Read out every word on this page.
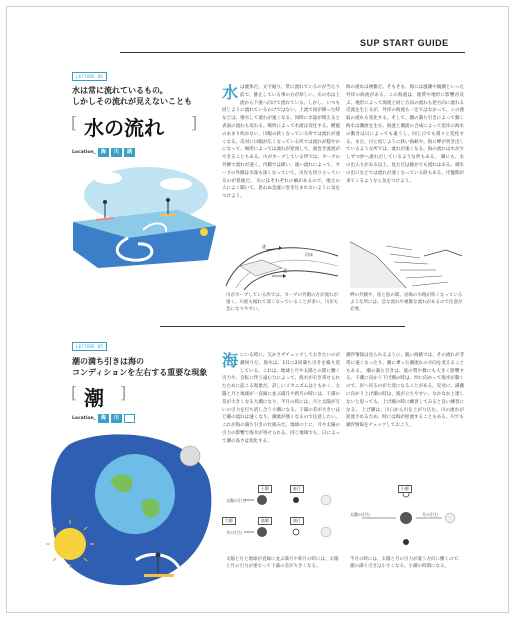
SUP START GUIDE
LECTURE 06
水は常に流れているもの。
しかしその流れが見えないことも
[ 水の流れ ]
Location_ 海	川	湖
水 は液体だ。文字通り、常に流れているのが当たり前で、静止している事の方が珍しい。川の水は上流から下流へ向けて流れている。しかし、いつも同じように流れているわけではない。上流で雨が降った時などは、増水して流れが速くなる。同時に水量が増えると表面の流れも変わる。場所によって水流は変化する。横風のあまり吹かない、川幅の狭くなっている所では流れが速くなる。反対に川幅が広くなっている所では流れが穏やかになって、場所によっては流れが逆流して、渦巻き流流ができることもある。川がカーブしている所では、カーブの外側で流れが速く、内側では緩い。速い流れによって、カーブの外側は水深も深くなっていて、川岸も切り立っているのが普通だ。 川にはそれぞれの癖があるので、地元の人によく聞いて、思わぬ急流に巻き込まれないように気をつけよう。
海の流れは複雑だ。そもそも、海には風潮や親潮といった外洋の海流がある。この海流は、地質や地形に影響が及ぶ。地形によって海流と同じ方向の流れも逆方向に流れる反流を生じるが、外洋の海流も一定ではなかって、この強弱の流れも変化する。そして、潮の満ち引きによって動く海水は潮流を生む。海流と潮流の合成によって沿岸の海水の動きは日によっても違うし、同じ日でも刻々と変化する。また、川と同じように狭い海峡や、海に岬が突き出しているような所では、流れが速くなる。海の流れは水が少しずつ沖へ流れだしているような所もある。 湖にも、水の出入りがある以上、見た目は静かでも流れはある。湖水の出口などでは流れが速くなっている時もある。序盤期が来てくるようなら気をつけよう。
速
遅
河床
川がカーブしている所では、カーブの外側の方が流れが速く、川底も掘れて深くなっていることが多い。川岸も急になりやすい。
岬の外側や、島と島の間、岩場の水路が狭くなっているような所には、急な流れや複雑な流れがあるので注意が必要。
LECTURE 05
潮の満ち引きは海の
コンディションを左右する重要な現象
[ 潮 ]
Location_ 海	川
海 にいる時に、欠かさずチェックしておきたいのが潮回りだ。海水は、1日に2回満ち引きを繰り返している。これは、地球と月や太陽との間に働く引力や、自転に伴う遠心力によって、海水が引き寄せられたために起こる現象だ。詳しいメカニズムはともかく、太陽と月と地球が一直線に並ぶ満月や新月の時には、干満の差が大きくなる大潮になり、半月の時には、月と太陽が互いの引力を打ち消し合う小潮になる。干満の差が大きいほど潮の流れは速くなり、潮流が強くなるので注意したい。 これが海の満ち引きの仕組みだ。地球の上に、月や太陽の引力の影響で海水が寄せられる。同じ地域でも、日によって潮の高さは変化する。
潮汐情報は見られるように、鋭い海峡では、その流れが非常に速くなったり、潮に乗った潮流れの方向を変えることもある。 潮の満ち引きは、波の質や数にも大きく影響する。干潮に向かう下げ潮の時は、沖に向かって海水が動くので、岸へ戻るのが大変になることがある。反対に、満潮に向かう上げ潮の時は、波が立ちやすい。なかなか上達しないと思っても、上げ潮の時に練習してみると良い練習になる。 上げ潮は、川口から川を上がり込む。川の流れが逆流されるため、時には海が逆流することもある。川でも潮汐情報をチェックしておこう。
干潮	新月
満潮	満月
大潮
太陽の引力
月の引力
太陽と月と地球が直線に並ぶ満月や新月の時には、太陽と月の引力が重なって干満の差が大きくなる。
小潮
太陽の引力	月の引力
半月の時には、太陽と月の引力が違う方向に働くので、潮の満ち引きは小さくなる。小潮の時期になる。
